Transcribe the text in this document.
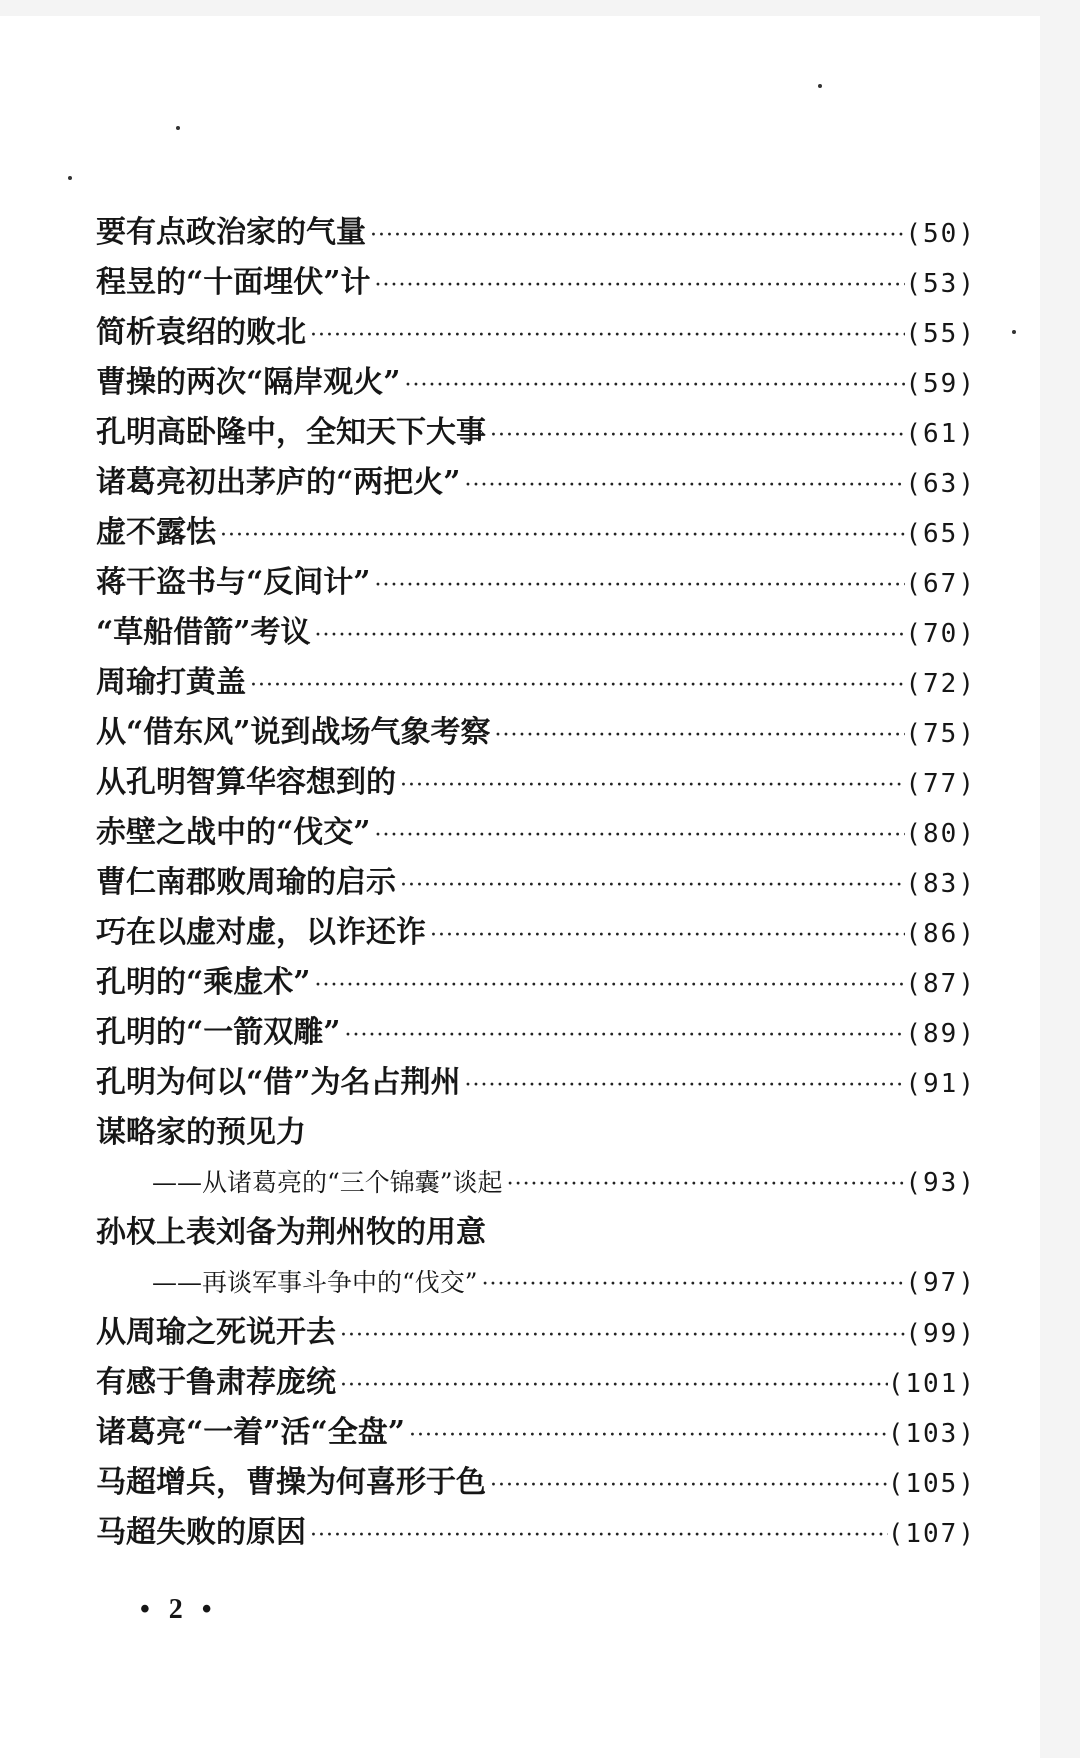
要有点政治家的气量 ·····	(50)
程昱的“十面埋伏”计 ·····	(53)
简析袁绍的败北 ·····	(55)
曹操的两次“隔岸观火” ·····	(59)
孔明高卧隆中，全知天下大事 ·····	(61)
诸葛亮初出茅庐的“两把火” ·····	(63)
虚不露怯 ·····	(65)
蒋干盗书与“反间计” ·····	(67)
“草船借箭”考议 ·····	(70)
周瑜打黄盖 ·····	(72)
从“借东风”说到战场气象考察 ·····	(75)
从孔明智算华容想到的 ·····	(77)
赤壁之战中的“伐交” ·····	(80)
曹仁南郡败周瑜的启示 ·····	(83)
巧在以虚对虚，以诈还诈 ·····	(86)
孔明的“乘虚术” ·····	(87)
孔明的“一箭双雕” ·····	(89)
孔明为何以“借”为名占荆州 ·····	(91)
谋略家的预见力
——从诸葛亮的“三个锦囊”谈起 ·····	(93)
孙权上表刘备为荆州牧的用意
——再谈军事斗争中的“伐交” ·····	(97)
从周瑜之死说开去 ·····	(99)
有感于鲁肃荐庞统 ·····	(101)
诸葛亮“一着”活“全盘” ·····	(103)
马超增兵，曹操为何喜形于色 ·····	(105)
马超失败的原因 ·····	(107)
• 2 •
